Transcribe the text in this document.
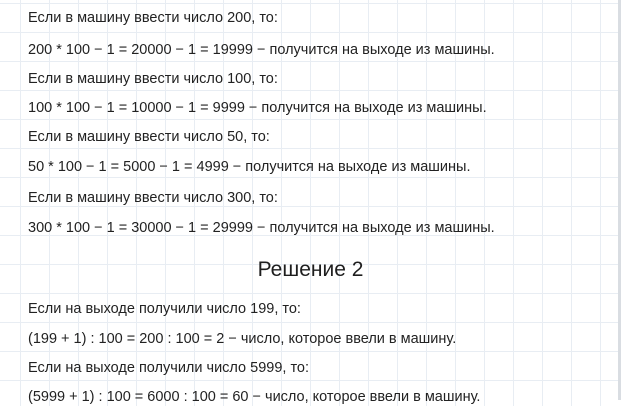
Если в машину ввести число 200, то:
200 * 100 − 1 = 20000 − 1 = 19999 − получится на выходе из машины.
Если в машину ввести число 100, то:
100 * 100 − 1 = 10000 − 1 = 9999 − получится на выходе из машины.
Если в машину ввести число 50, то:
50 * 100 − 1 = 5000 − 1 = 4999 − получится на выходе из машины.
Если в машину ввести число 300, то:
300 * 100 − 1 = 30000 − 1 = 29999 − получится на выходе из машины.
Решение 2
Если на выходе получили число 199, то:
(199 + 1) : 100 = 200 : 100 = 2 − число, которое ввели в машину.
Если на выходе получили число 5999, то:
(5999 + 1) : 100 = 6000 : 100 = 60 − число, которое ввели в машину.
